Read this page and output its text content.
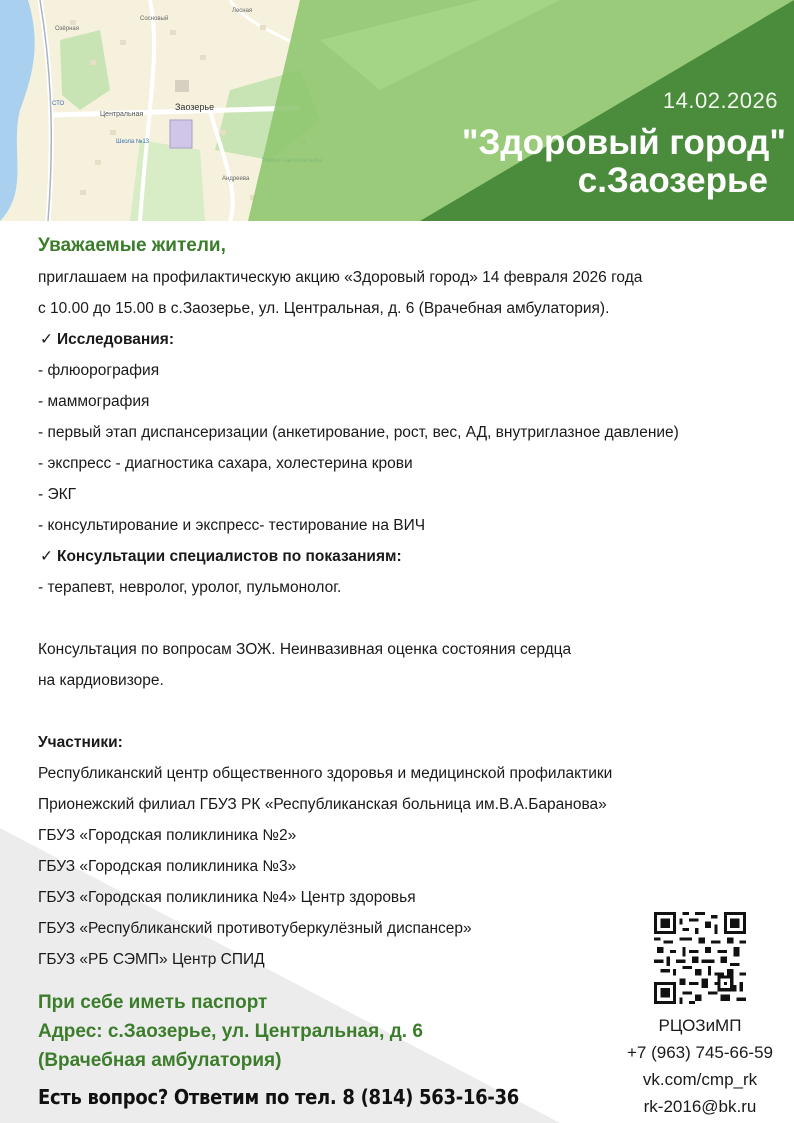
Заозерье
Центральная
Школа №13
СТО
Озёрная
Лесная
Андреева
Сосновый
14.02.2026
"Здоровый город"
с.Заозерье
Уважаемые жители,
приглашаем на профилактическую акцию «Здоровый город» 14 февраля 2026 года
с 10.00 до 15.00 в с.Заозерье, ул. Центральная, д. 6 (Врачебная амбулатория).
✓ Исследования:
- флюорография
- маммография
- первый этап диспансеризации (анкетирование, рост, вес, АД, внутриглазное давление)
- экспресс - диагностика сахара, холестерина крови
- ЭКГ
- консультирование и экспресс- тестирование на ВИЧ
✓ Консультации специалистов по показаниям:
- терапевт, невролог, уролог, пульмонолог.
Консультация по вопросам ЗОЖ. Неинвазивная оценка состояния сердца
на кардиовизоре.
Участники:
Республиканский центр общественного здоровья и медицинской профилактики
Прионежский филиал ГБУЗ РК «Республиканская больница им.В.А.Баранова»
ГБУЗ «Городская поликлиника №2»
ГБУЗ «Городская поликлиника №3»
ГБУЗ «Городская поликлиника №4» Центр здоровья
ГБУЗ «Республиканский противотуберкулёзный диспансер»
ГБУЗ «РБ СЭМП» Центр СПИД
При себе иметь паспорт
Адрес: с.Заозерье, ул. Центральная, д. 6
(Врачебная амбулатория)
Есть вопрос? Ответим по тел. 8 (814) 563-16-36
РЦОЗиМП
+7 (963) 745-66-59
vk.com/cmp_rk
rk-2016@bk.ru
